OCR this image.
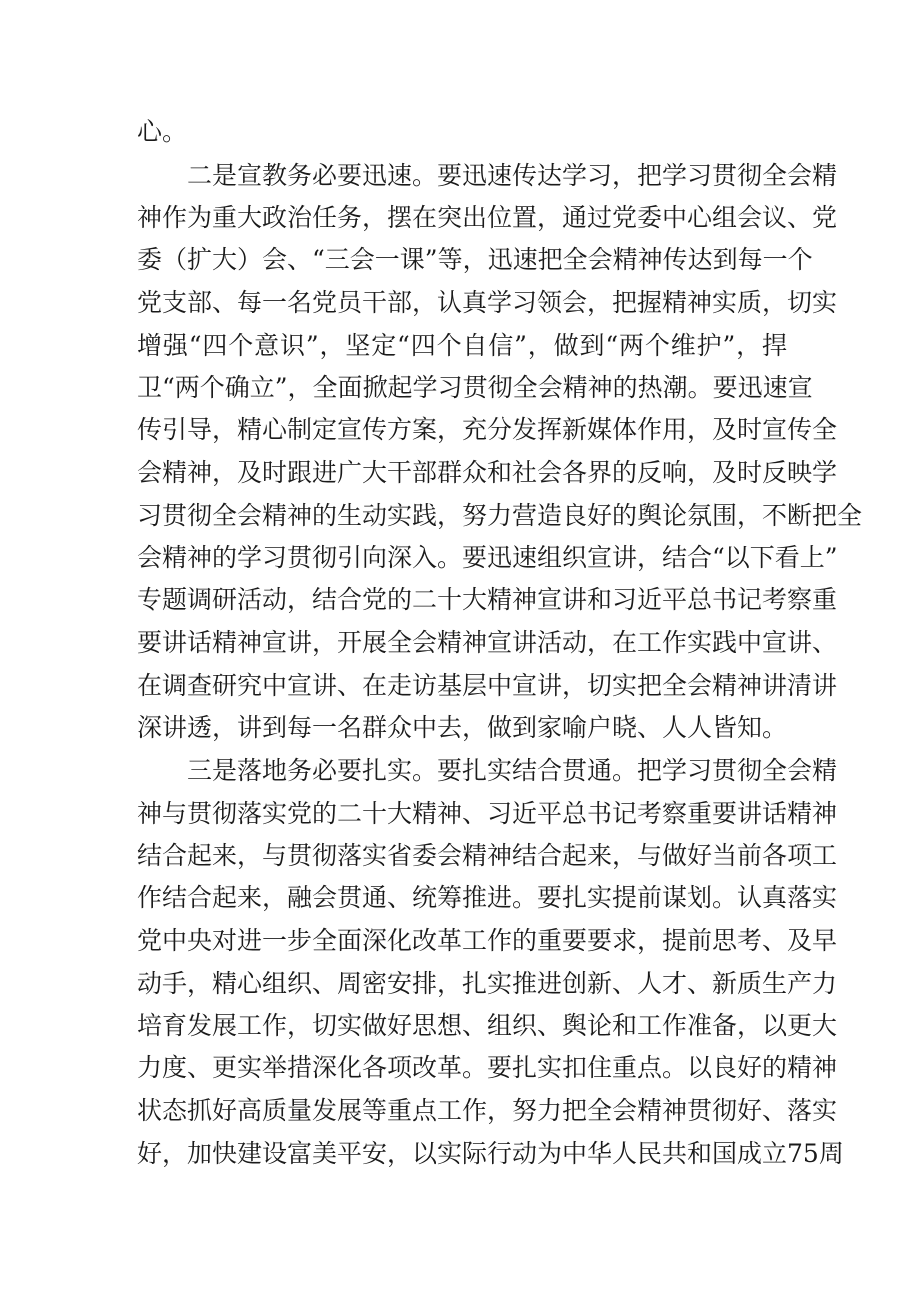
心。
二是宣教务必要迅速。要迅速传达学习，把学习贯彻全会精
神作为重大政治任务，摆在突出位置，通过党委中心组会议、党
委（扩大）会、“三会一课”等，迅速把全会精神传达到每一个
党支部、每一名党员干部，认真学习领会，把握精神实质，切实
增强“四个意识”，坚定“四个自信”，做到“两个维护”，捍
卫“两个确立”，全面掀起学习贯彻全会精神的热潮。要迅速宣
传引导，精心制定宣传方案，充分发挥新媒体作用，及时宣传全
会精神，及时跟进广大干部群众和社会各界的反响，及时反映学
习贯彻全会精神的生动实践，努力营造良好的舆论氛围，不断把全
会精神的学习贯彻引向深入。要迅速组织宣讲，结合“以下看上”
专题调研活动，结合党的二十大精神宣讲和习近平总书记考察重
要讲话精神宣讲，开展全会精神宣讲活动，在工作实践中宣讲、
在调查研究中宣讲、在走访基层中宣讲，切实把全会精神讲清讲
深讲透，讲到每一名群众中去，做到家喻户晓、人人皆知。
三是落地务必要扎实。要扎实结合贯通。把学习贯彻全会精
神与贯彻落实党的二十大精神、习近平总书记考察重要讲话精神
结合起来，与贯彻落实省委会精神结合起来，与做好当前各项工
作结合起来，融会贯通、统筹推进。要扎实提前谋划。认真落实
党中央对进一步全面深化改革工作的重要要求，提前思考、及早
动手，精心组织、周密安排，扎实推进创新、人才、新质生产力
培育发展工作，切实做好思想、组织、舆论和工作准备，以更大
力度、更实举措深化各项改革。要扎实扣住重点。以良好的精神
状态抓好高质量发展等重点工作，努力把全会精神贯彻好、落实
好，加快建设富美平安，以实际行动为中华人民共和国成立75周
